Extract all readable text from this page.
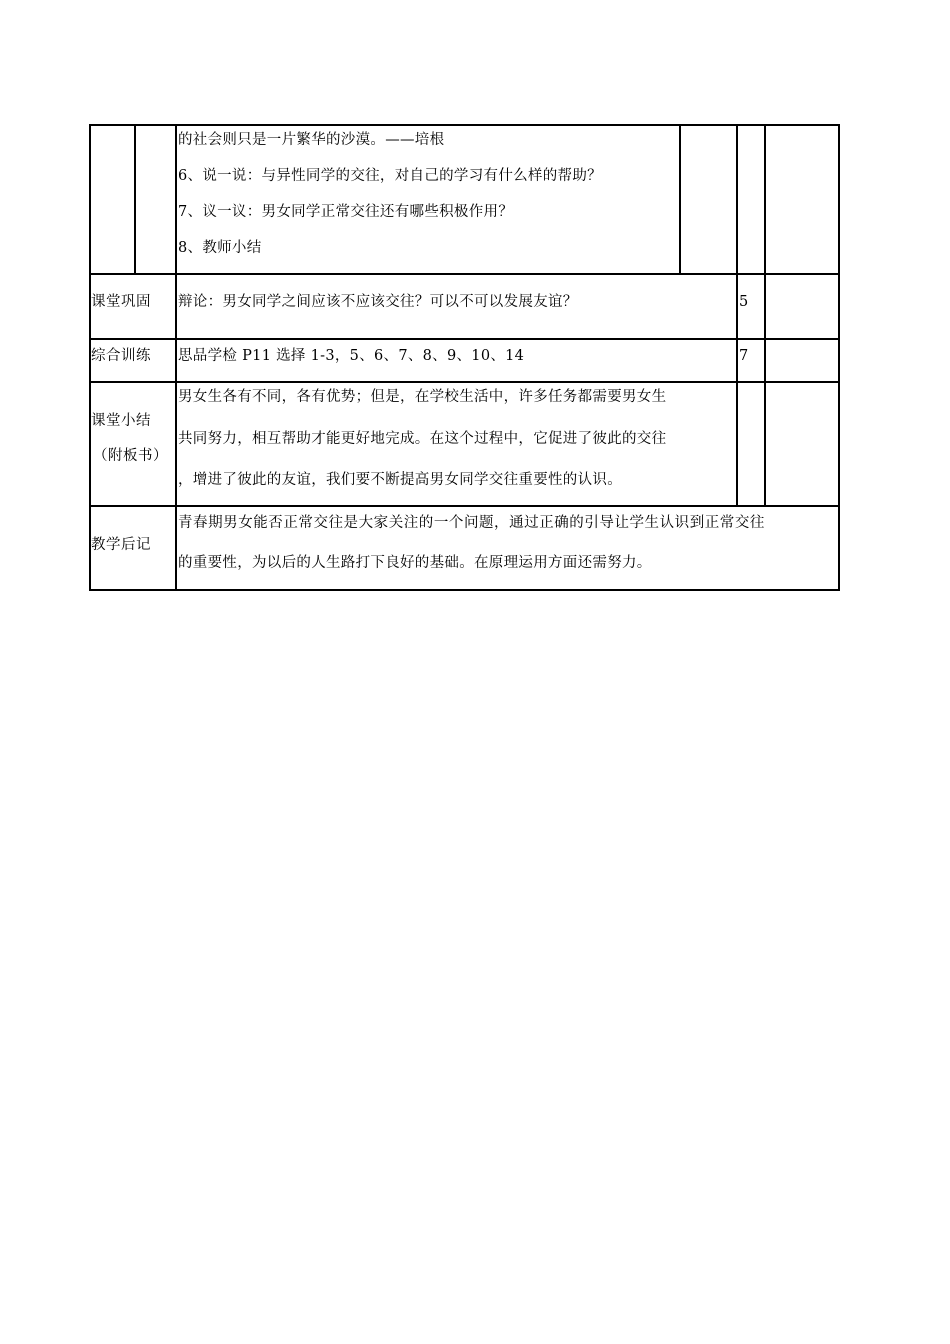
的社会则只是一片繁华的沙漠。——培根
6、说一说：与异性同学的交往，对自己的学习有什么样的帮助？
7、议一议：男女同学正常交往还有哪些积极作用？
8、教师小结
课堂巩固 辩论：男女同学之间应该不应该交往？可以不可以发展友谊？	5
综合训练 思品学检 P11 选择 1-3，5、6、7、8、9、10、14	7
课堂小结
（附板书）
男女生各有不同，各有优势；但是，在学校生活中，许多任务都需要男女生
共同努力，相互帮助才能更好地完成。在这个过程中，它促进了彼此的交往
，增进了彼此的友谊，我们要不断提高男女同学交往重要性的认识。
教学后记
青春期男女能否正常交往是大家关注的一个问题，通过正确的引导让学生认识到正常交往
的重要性，为以后的人生路打下良好的基础。在原理运用方面还需努力。
